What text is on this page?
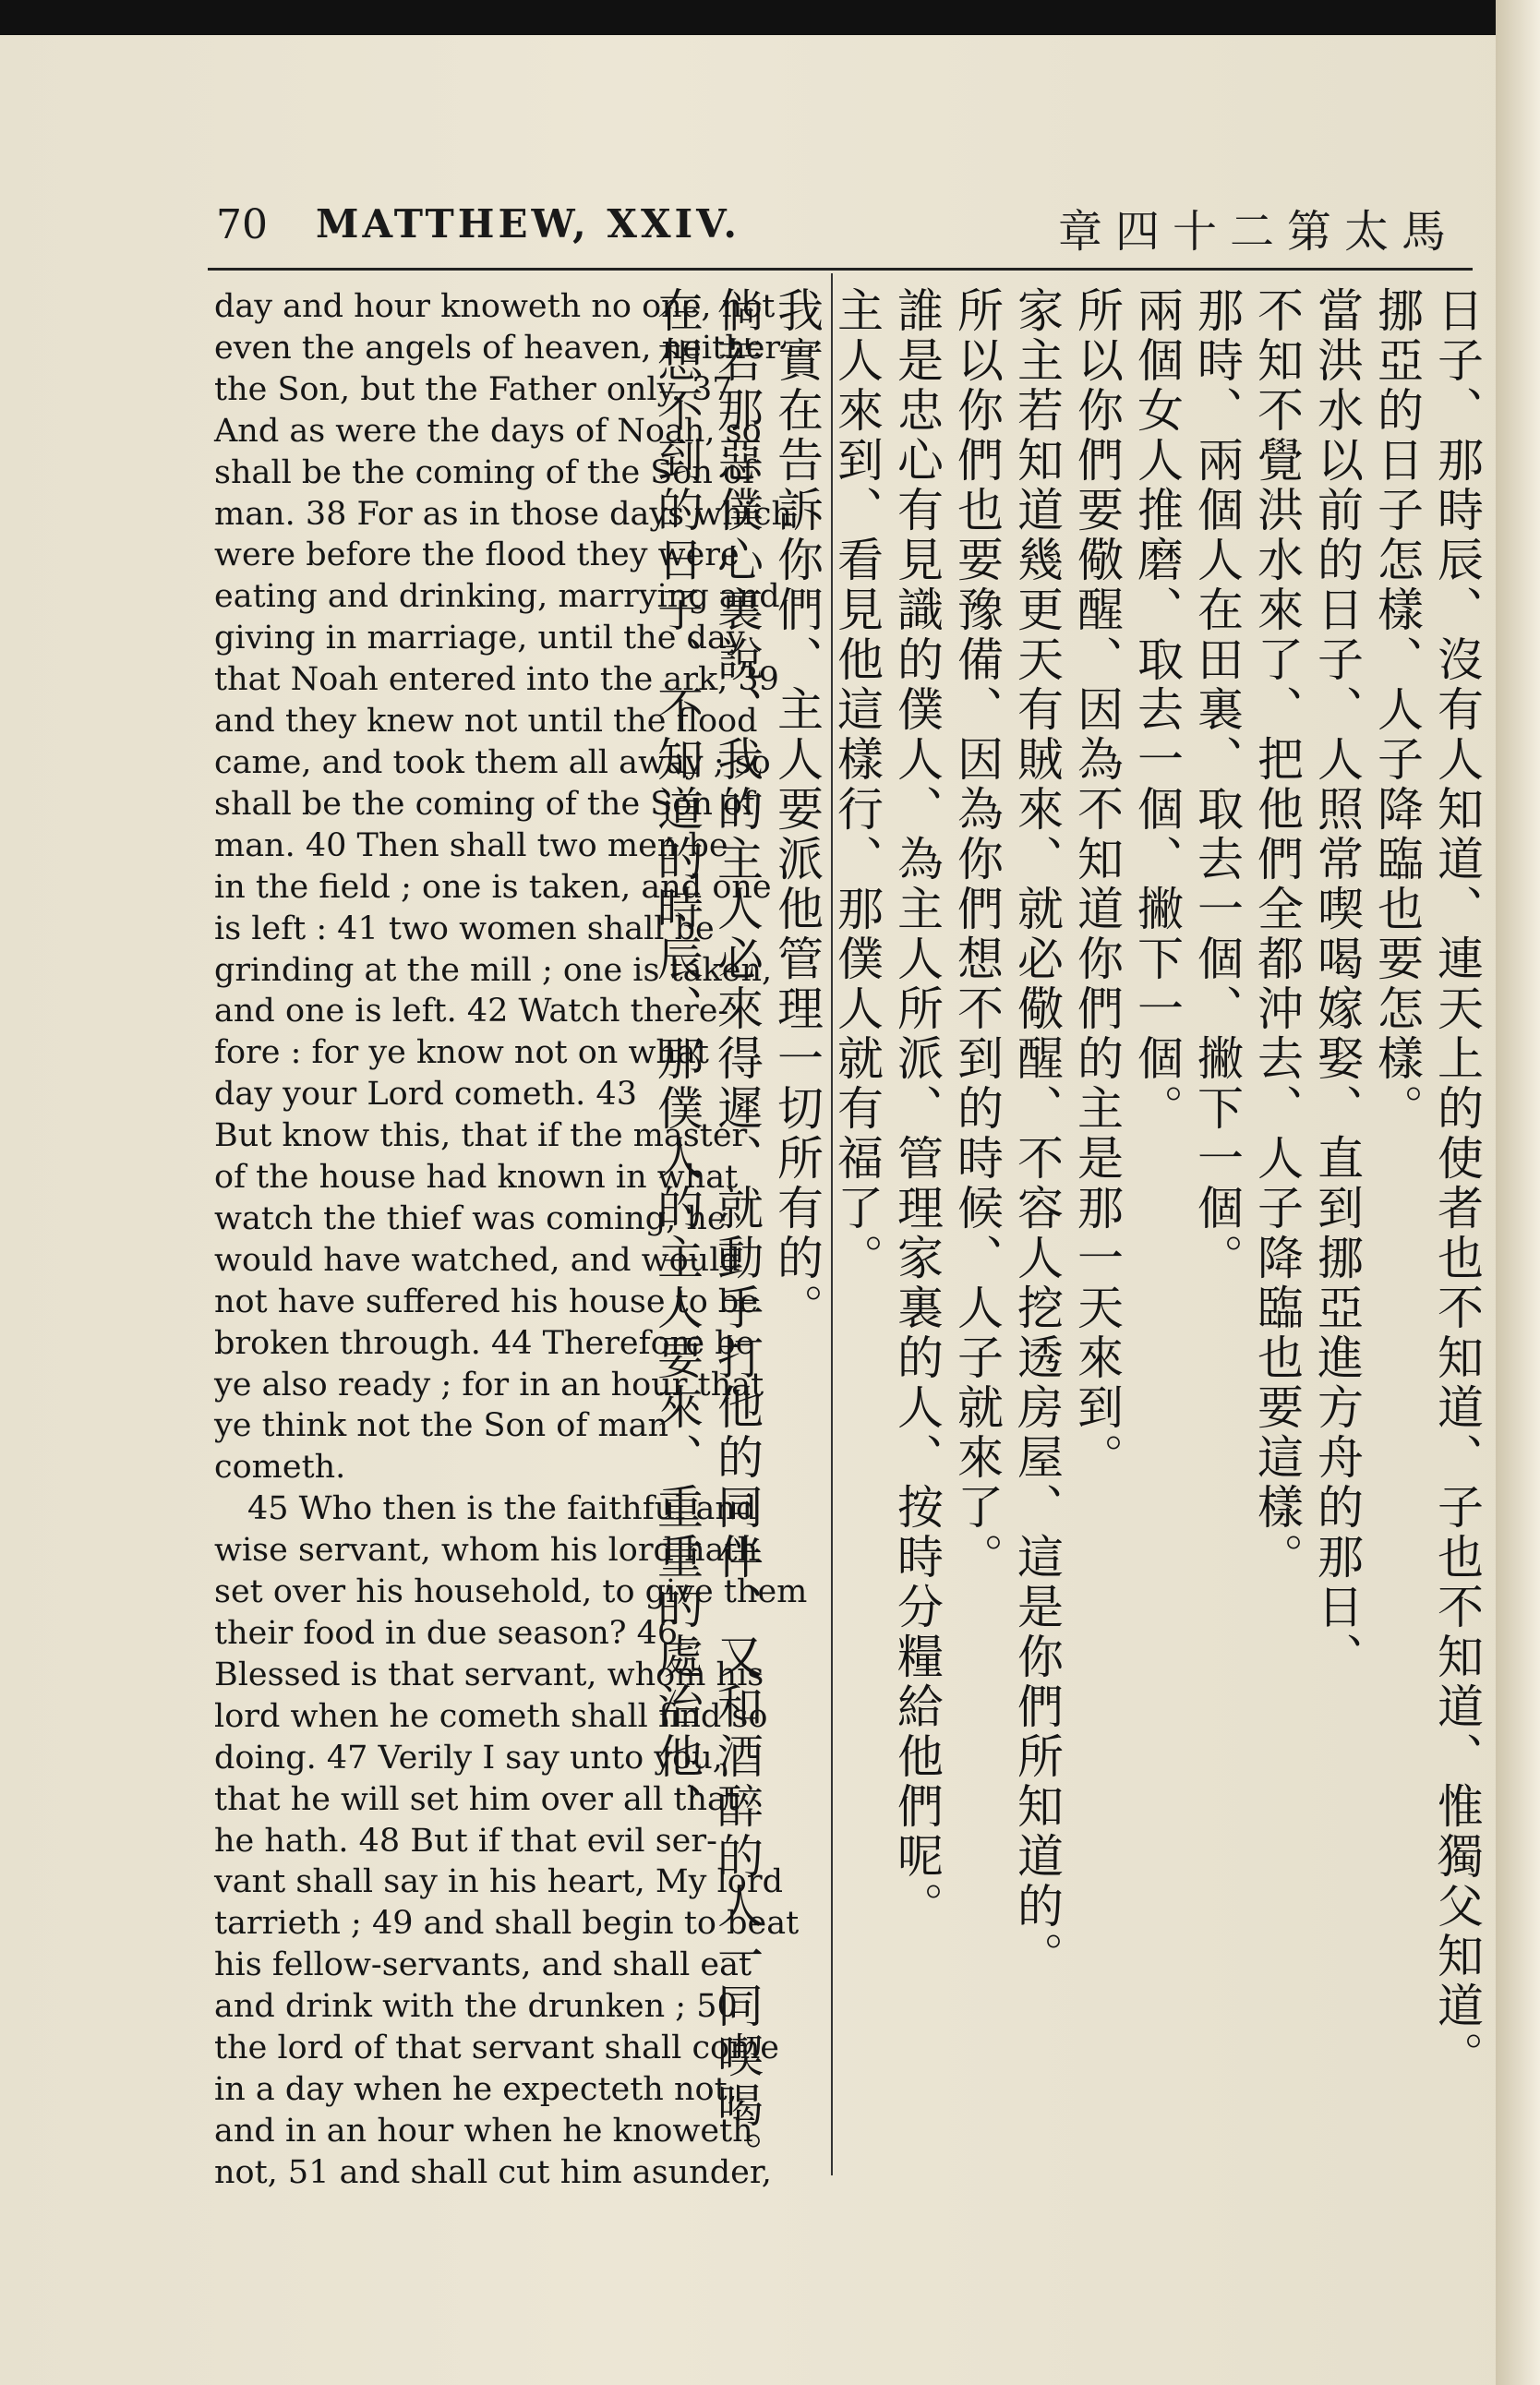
70 MATTHEW, XXIV.	章四十二第太馬
day and hour knoweth no one, not
even the angels of heaven, neither
the Son, but the Father only. 37
And as were the days of Noah, so
shall be the coming of the Son of
man. 38 For as in those days which
were before the flood they were
eating and drinking, marrying and
giving in marriage, until the day
that Noah entered into the ark, 39
and they knew not until the flood
came, and took them all away ; so
shall be the coming of the Son of
man. 40 Then shall two men be
in the field ; one is taken, and one
is left : 41 two women shall be
grinding at the mill ; one is taken,
and one is left. 42 Watch there-
fore : for ye know not on what
day your Lord cometh. 43
But know this, that if the master
of the house had known in what
watch the thief was coming, he
would have watched, and would
not have suffered his house to be
broken through. 44 Therefore be
ye also ready ; for in an hour that
ye think not the Son of man
cometh.
45 Who then is the faithful and
wise servant, whom his lord hath
set over his household, to give them
their food in due season? 46
Blessed is that servant, whom his
lord when he cometh shall find so
doing. 47 Verily I say unto you,
that he will set him over all that
he hath. 48 But if that evil ser-
vant shall say in his heart, My lord
tarrieth ; 49 and shall begin to beat
his fellow-servants, and shall eat
and drink with the drunken ; 50
the lord of that servant shall come
in a day when he expecteth not,
and in an hour when he knoweth
not, 51 and shall cut him asunder,
日子、那時辰、沒有人知道、連天上的使者也不知道、子也不知道、惟獨父知道。
挪亞的日子怎樣、人子降臨也要怎樣。
當洪水以前的日子、人照常喫喝嫁娶、直到挪亞進方舟的那日、
不知不覺洪水來了、把他們全都沖去、人子降臨也要這樣。
那時、兩個人在田裏、取去一個、撇下一個。
兩個女人推磨、取去一個、撇下一個。
所以你們要儆醒、因為不知道你們的主是那一天來到。
家主若知道幾更天有賊來、就必儆醒、不容人挖透房屋、這是你們所知道的。
所以你們也要豫備、因為你們想不到的時候、人子就來了。
誰是忠心有見識的僕人、為主人所派、管理家裏的人、按時分糧給他們呢。
主人來到、看見他這樣行、那僕人就有福了。
我實在告訴你們、主人要派他管理一切所有的。
倘若那惡僕心裏說、我的主人必來得遲、就動手打他的同伴、又和酒醉的人一同喫喝。
在想不到的日子、不知道的時辰、那僕人的主人要來、重重的處治他、
